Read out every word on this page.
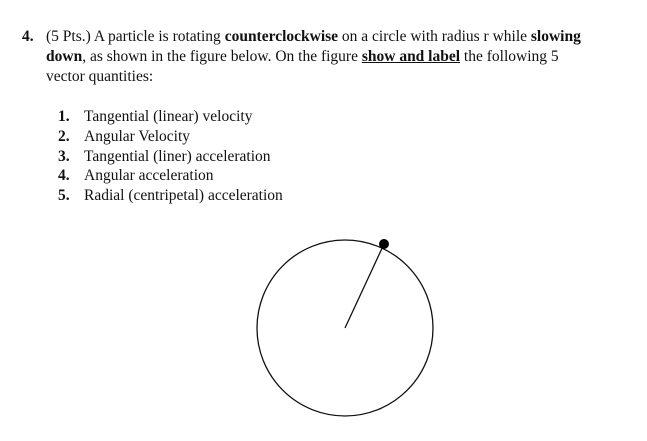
4. (5 Pts.) A particle is rotating counterclockwise on a circle with radius r while slowing
down, as shown in the figure below. On the figure show and label the following 5
vector quantities:
1. Tangential (linear) velocity
2. Angular Velocity
3. Tangential (liner) acceleration
4. Angular acceleration
5. Radial (centripetal) acceleration
